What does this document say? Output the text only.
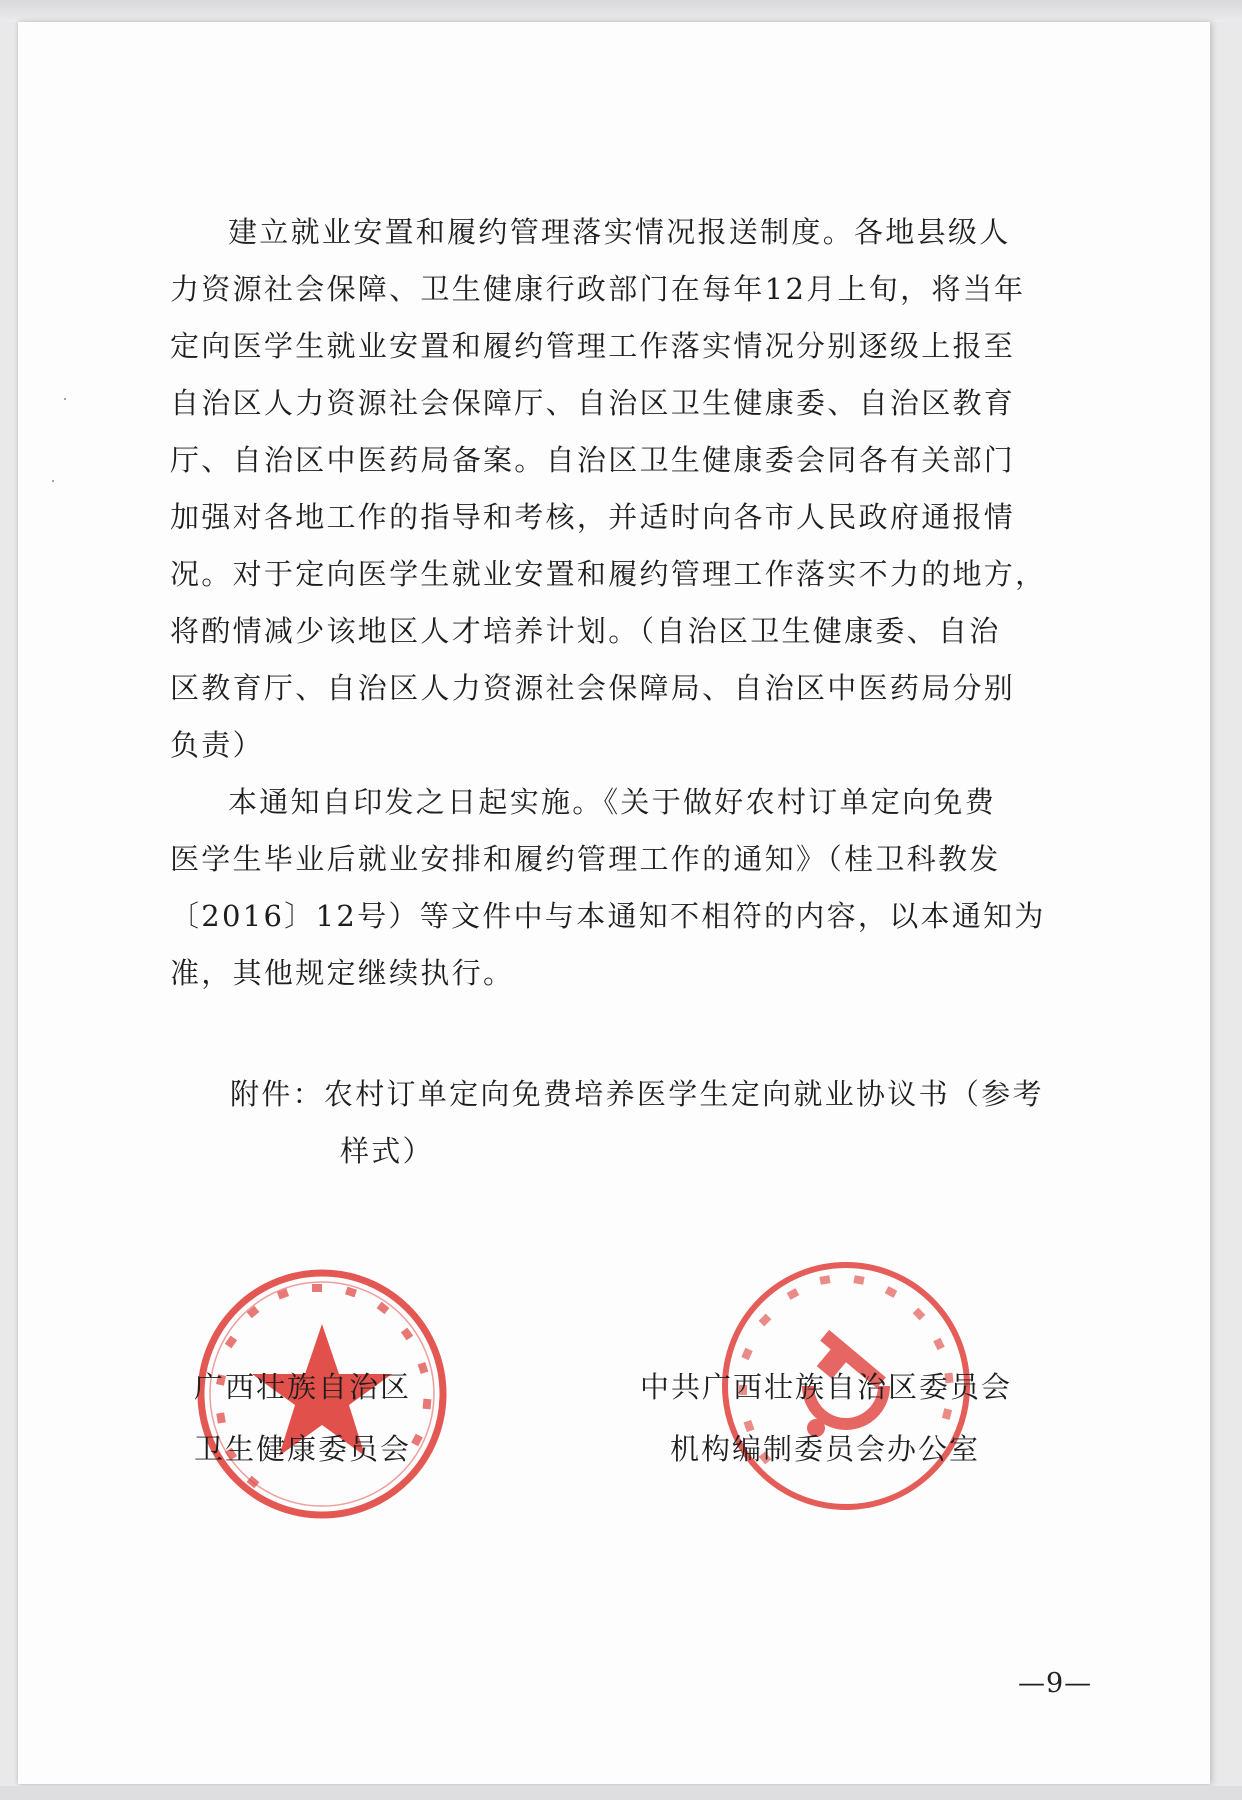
建立就业安置和履约管理落实情况报送制度。各地县级人
力资源社会保障、卫生健康行政部门在每年12月上旬，将当年
定向医学生就业安置和履约管理工作落实情况分别逐级上报至
自治区人力资源社会保障厅、自治区卫生健康委、自治区教育
厅、自治区中医药局备案。自治区卫生健康委会同各有关部门
加强对各地工作的指导和考核，并适时向各市人民政府通报情
况。对于定向医学生就业安置和履约管理工作落实不力的地方，
将酌情减少该地区人才培养计划。（自治区卫生健康委、自治
区教育厅、自治区人力资源社会保障局、自治区中医药局分别
负责）
本通知自印发之日起实施。《关于做好农村订单定向免费
医学生毕业后就业安排和履约管理工作的通知》（桂卫科教发
〔2016〕12号）等文件中与本通知不相符的内容，以本通知为
准，其他规定继续执行。
附件：农村订单定向免费培养医学生定向就业协议书（参考
样式）
广西壮族自治区
卫生健康委员会
中共广西壮族自治区委员会
机构编制委员会办公室
—9—
